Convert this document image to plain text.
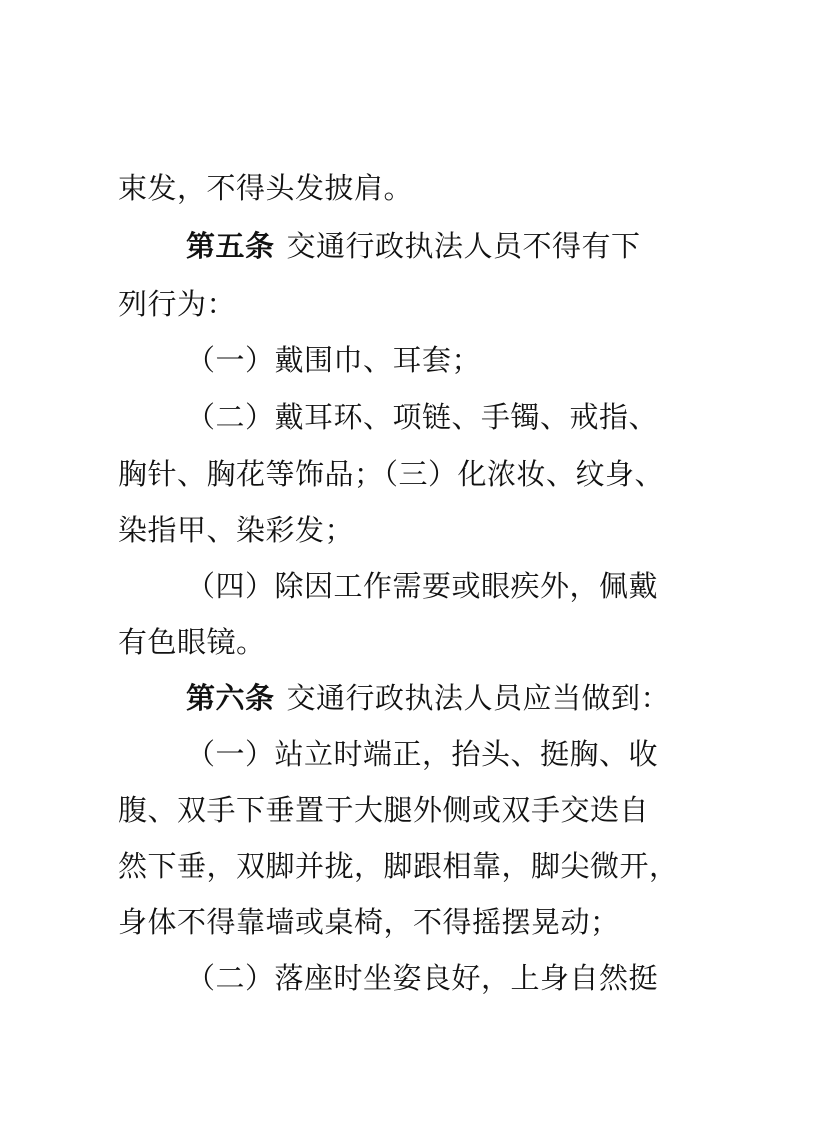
束发，不得头发披肩。
第五条 交通行政执法人员不得有下
列行为：
（一）戴围巾、耳套；
（二）戴耳环、项链、手镯、戒指、
胸针、胸花等饰品；（三）化浓妆、纹身、
染指甲、染彩发；
（四）除因工作需要或眼疾外，佩戴
有色眼镜。
第六条 交通行政执法人员应当做到：
（一）站立时端正，抬头、挺胸、收
腹、双手下垂置于大腿外侧或双手交迭自
然下垂，双脚并拢，脚跟相靠，脚尖微开，
身体不得靠墙或桌椅，不得摇摆晃动；
（二）落座时坐姿良好，上身自然挺
